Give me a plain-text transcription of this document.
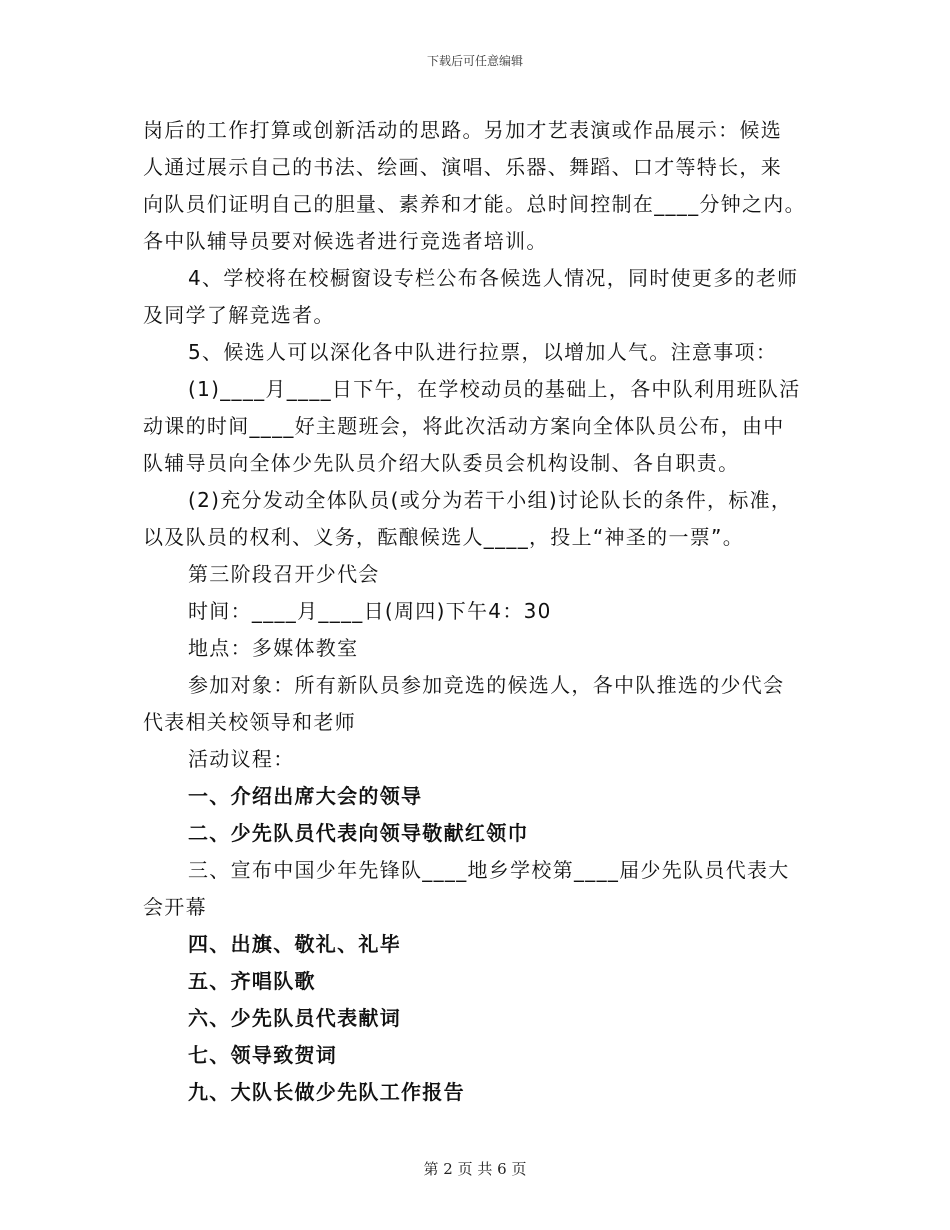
下载后可任意编辑
岗后的工作打算或创新活动的思路。另加才艺表演或作品展示：候选
人通过展示自己的书法、绘画、演唱、乐器、舞蹈、口才等特长，来
向队员们证明自己的胆量、素养和才能。总时间控制在____分钟之内。
各中队辅导员要对候选者进行竞选者培训。
4、学校将在校橱窗设专栏公布各候选人情况，同时使更多的老师
及同学了解竞选者。
5、候选人可以深化各中队进行拉票，以增加人气。注意事项：
(1)____月____日下午，在学校动员的基础上，各中队利用班队活
动课的时间____好主题班会，将此次活动方案向全体队员公布，由中
队辅导员向全体少先队员介绍大队委员会机构设制、各自职责。
(2)充分发动全体队员(或分为若干小组)讨论队长的条件，标准，
以及队员的权利、义务，酝酿候选人____，投上“神圣的一票”。
第三阶段召开少代会
时间：____月____日(周四)下午4：30
地点：多媒体教室
参加对象：所有新队员参加竞选的候选人，各中队推选的少代会
代表相关校领导和老师
活动议程：
一、介绍出席大会的领导
二、少先队员代表向领导敬献红领巾
三、宣布中国少年先锋队____地乡学校第____届少先队员代表大
会开幕
四、出旗、敬礼、礼毕
五、齐唱队歌
六、少先队员代表献词
七、领导致贺词
九、大队长做少先队工作报告
第 2 页 共 6 页
